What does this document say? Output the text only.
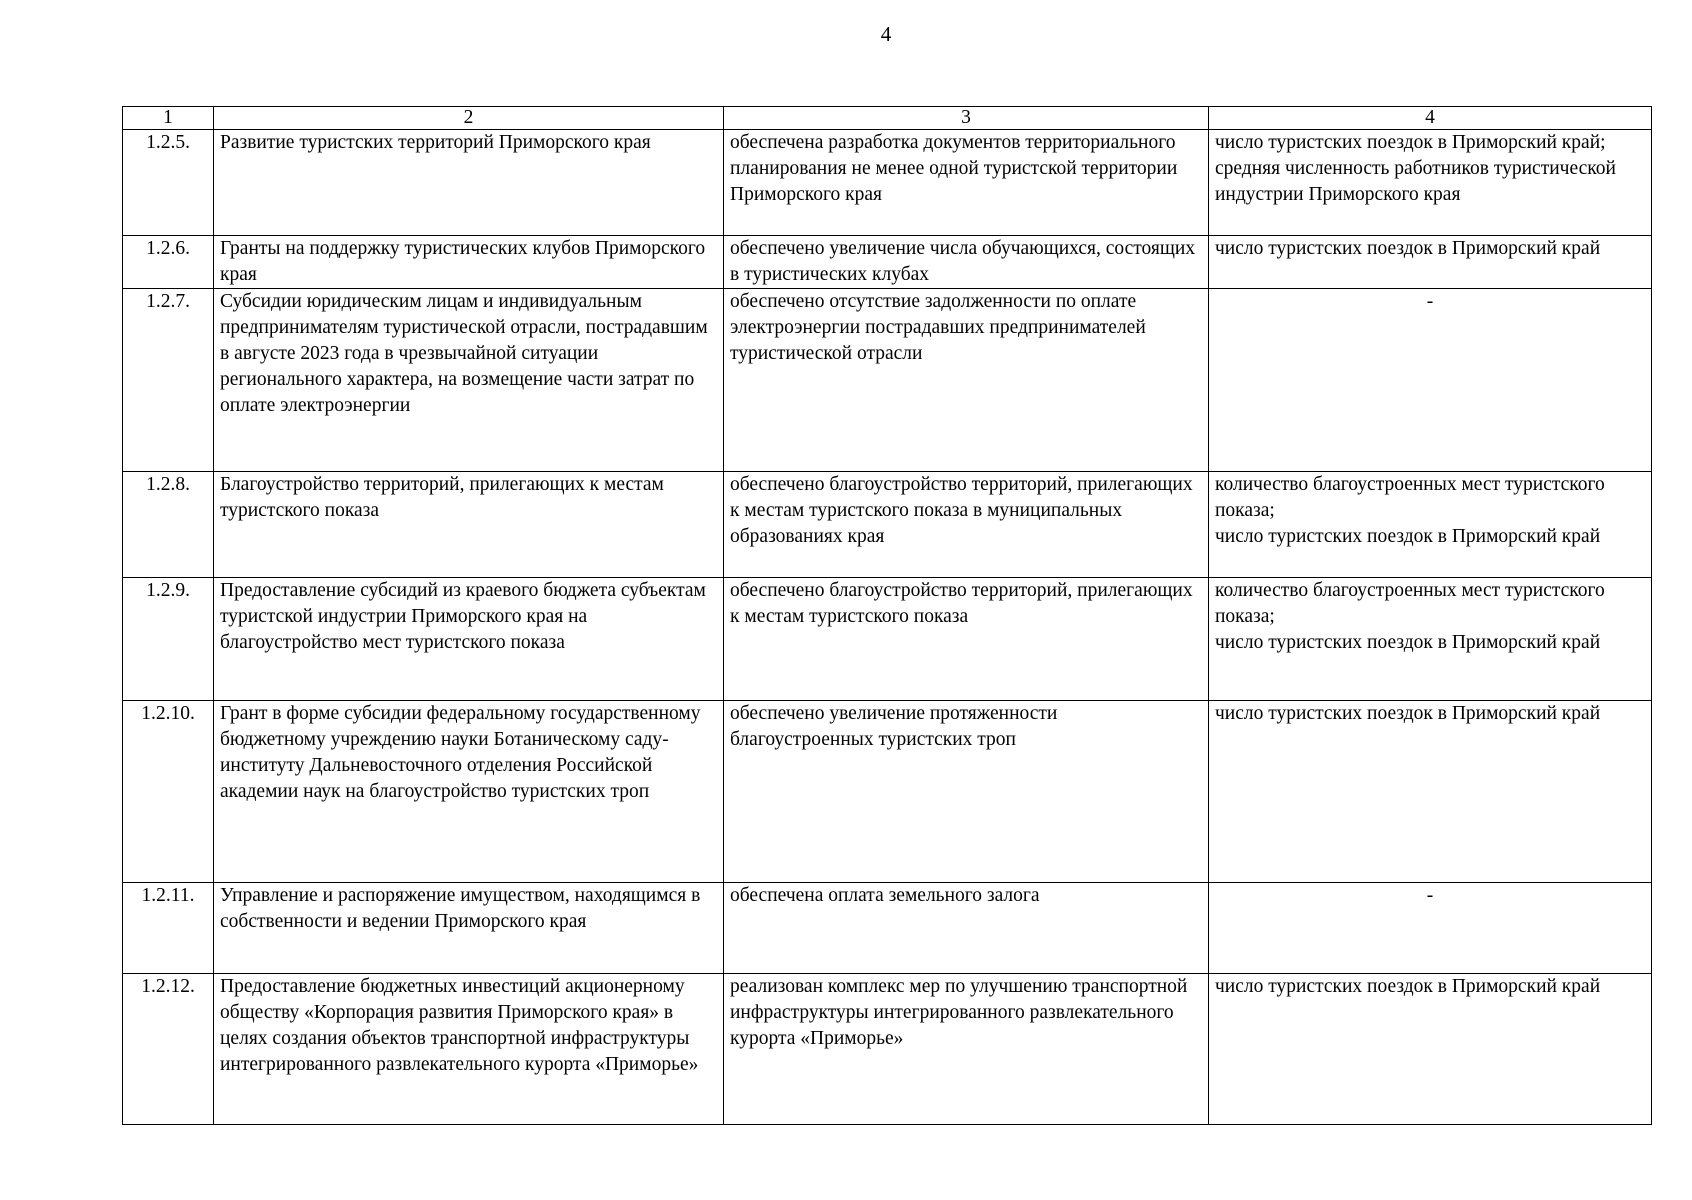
4
1	2	3	4
1.2.5.	Развитие туристских территорий Приморского края	обеспечена разработка документов территориального планирования не менее одной туристской территории Приморского края	число туристских поездок в Приморский край;
средняя численность работников туристической индустрии Приморского края

1.2.6.	Гранты на поддержку туристических клубов Приморского края	обеспечено увеличение числа обучающихся, состоящих в туристических клубах	число туристских поездок в Приморский край

1.2.7.	Субсидии юридическим лицам и индивидуальным предпринимателям туристической отрасли, пострадавшим в августе 2023 года в чрезвычайной ситуации регионального характера, на возмещение части затрат по оплате электроэнергии	обеспечено отсутствие задолженности по оплате электроэнергии пострадавших предпринимателей туристической отрасли	-

1.2.8.	Благоустройство территорий, прилегающих к местам туристского показа	обеспечено благоустройство территорий, прилегающих к местам туристского показа в муниципальных образованиях края	количество благоустроенных мест туристского показа;
число туристских поездок в Приморский край

1.2.9.	Предоставление субсидий из краевого бюджета субъектам туристской индустрии Приморского края на благоустройство мест туристского показа	обеспечено благоустройство территорий, прилегающих к местам туристского показа	количество благоустроенных мест туристского показа;
число туристских поездок в Приморский край

1.2.10.	Грант в форме субсидии федеральному государственному бюджетному учреждению науки Ботаническому саду-институту Дальневосточного отделения Российской академии наук на благоустройство туристских троп	обеспечено увеличение протяженности благоустроенных туристских троп	число туристских поездок в Приморский край

1.2.11.	Управление и распоряжение имуществом, находящимся в собственности и ведении Приморского края	обеспечена оплата земельного залога	-

1.2.12.	Предоставление бюджетных инвестиций акционерному обществу «Корпорация развития Приморского края» в целях создания объектов транспортной инфраструктуры интегрированного развлекательного курорта «Приморье»	реализован комплекс мер по улучшению транспортной инфраструктуры интегрированного развлекательного курорта «Приморье»	число туристских поездок в Приморский край
